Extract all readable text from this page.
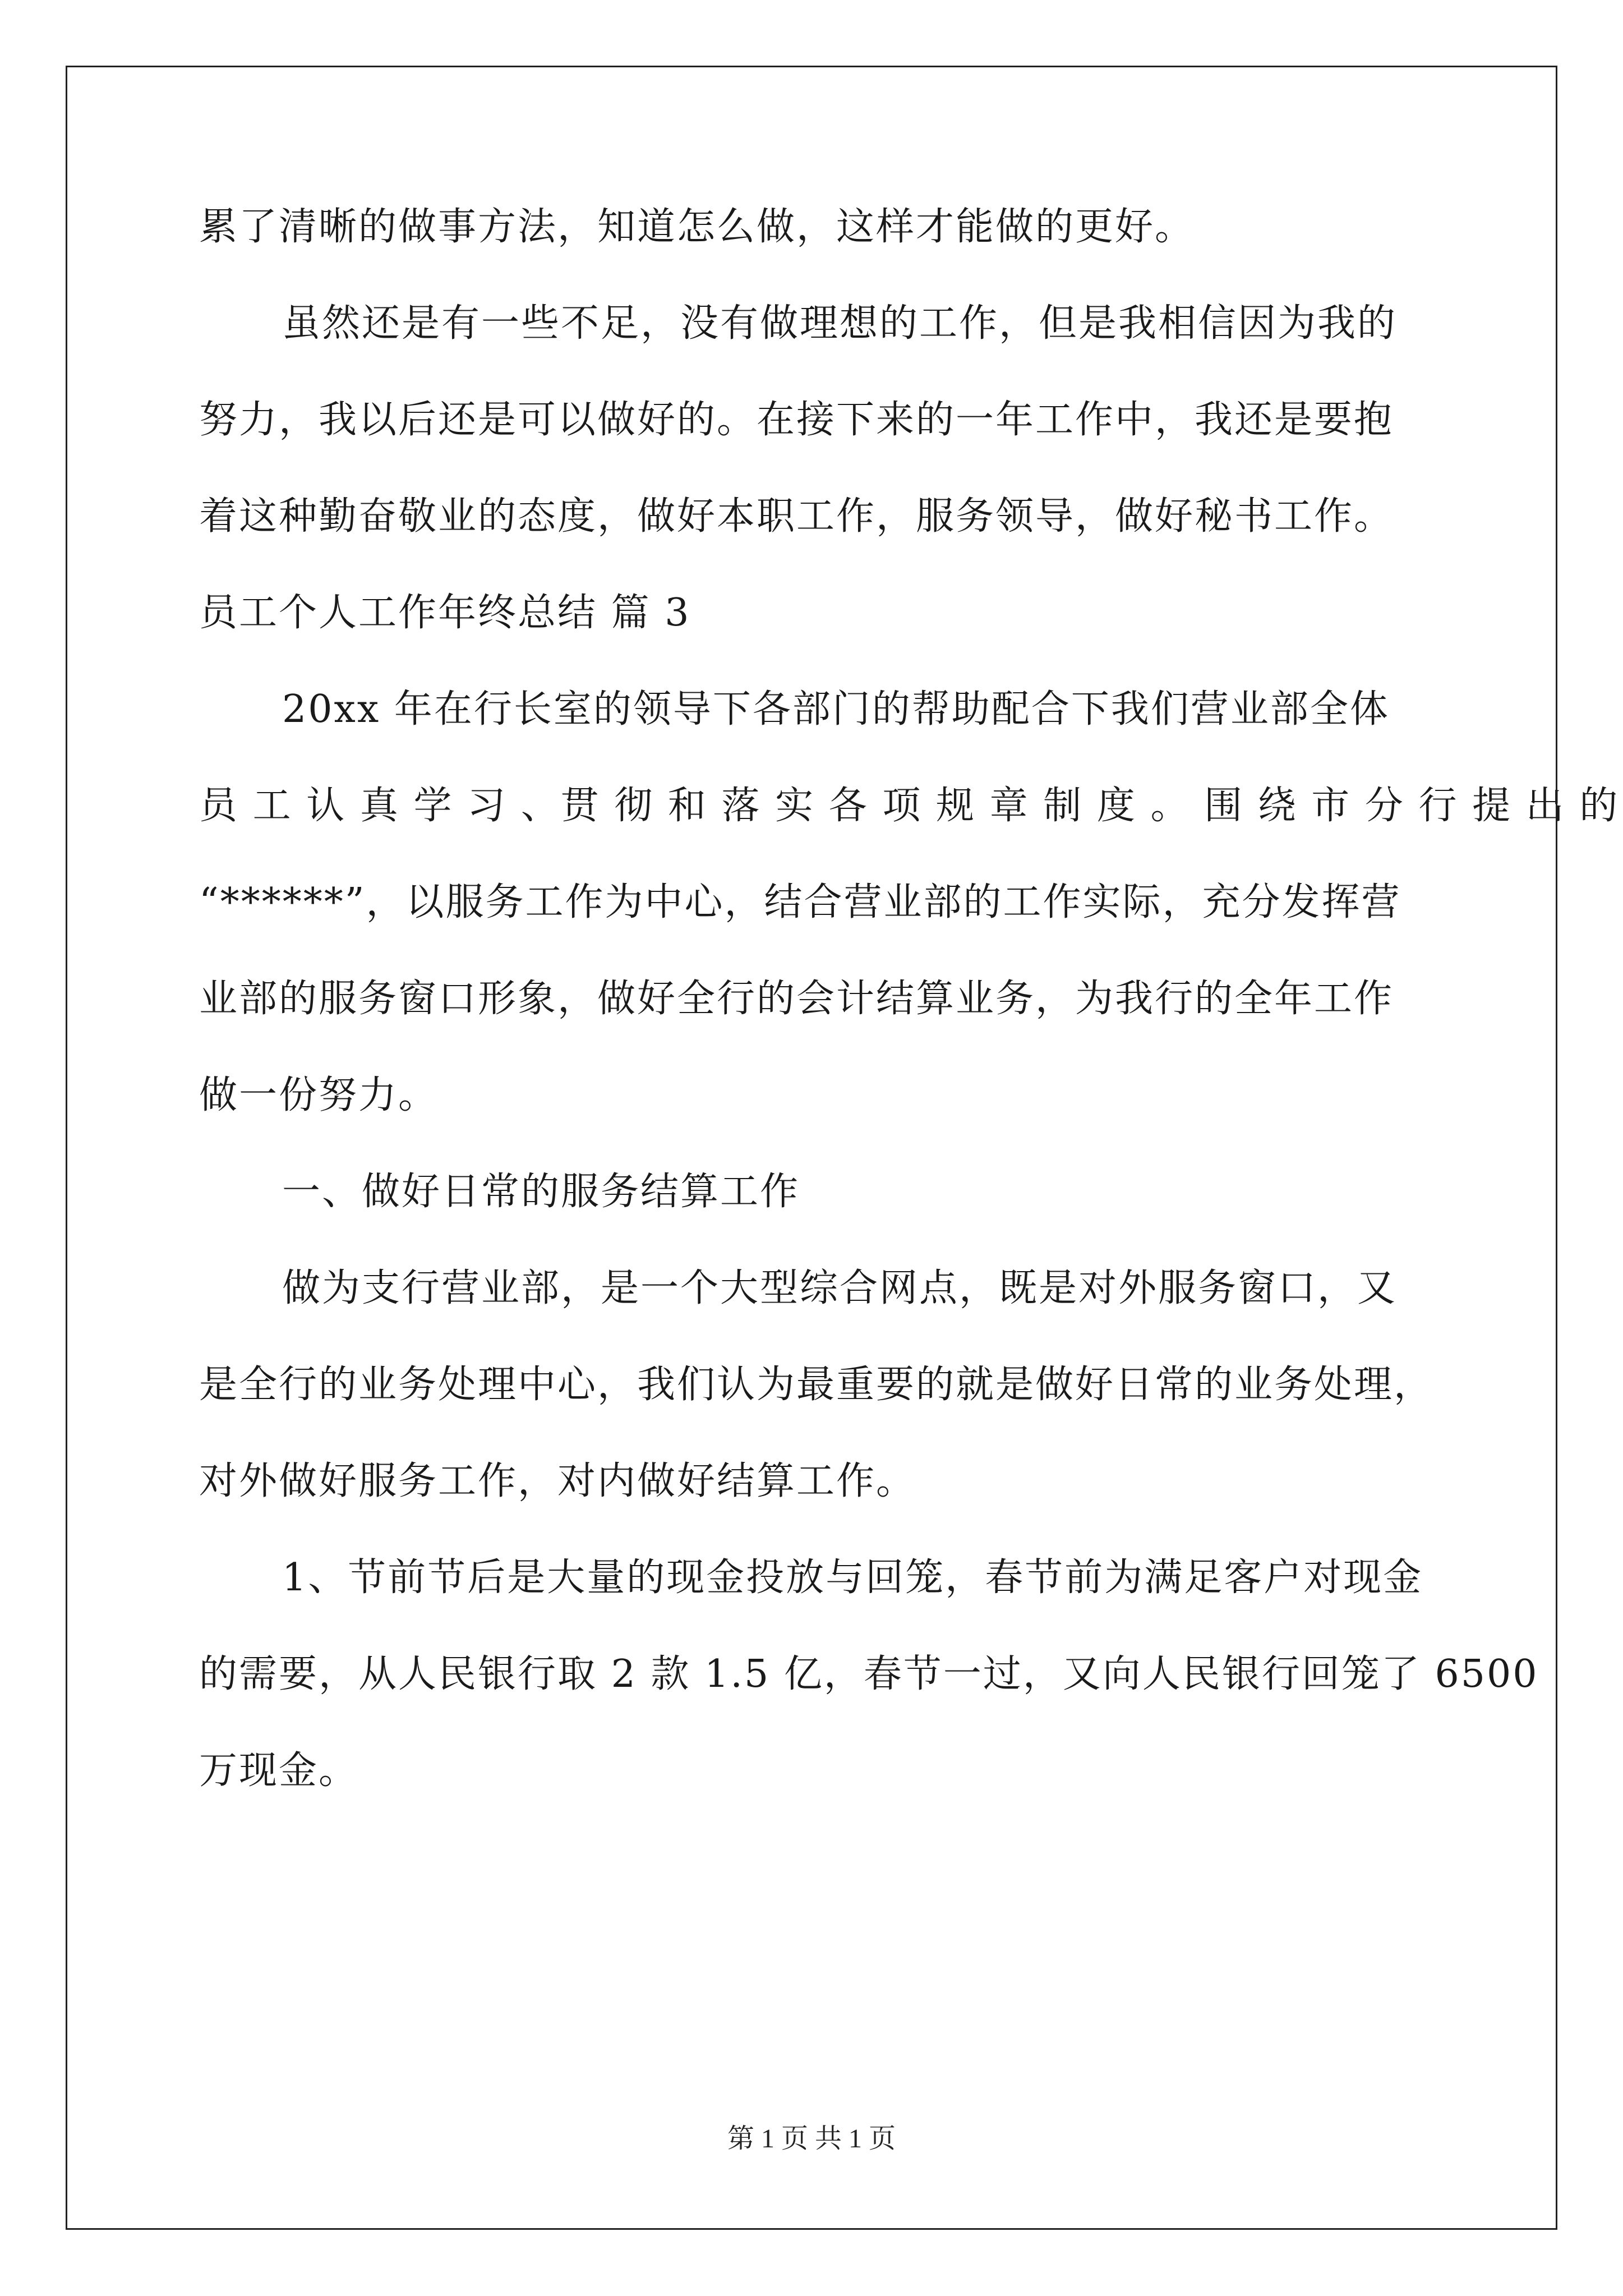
累了清晰的做事方法，知道怎么做，这样才能做的更好。
虽然还是有一些不足，没有做理想的工作，但是我相信因为我的
努力，我以后还是可以做好的。在接下来的一年工作中，我还是要抱
着这种勤奋敬业的态度，做好本职工作，服务领导，做好秘书工作。
员工个人工作年终总结 篇 3
20xx 年在行长室的领导下各部门的帮助配合下我们营业部全体
员 工 认 真 学 习 、贯 彻 和 落 实 各 项 规 章 制 度 。 围 绕 市 分 行 提 出 的
“******”，以服务工作为中心，结合营业部的工作实际，充分发挥营
业部的服务窗口形象，做好全行的会计结算业务，为我行的全年工作
做一份努力。
一、做好日常的服务结算工作
做为支行营业部，是一个大型综合网点，既是对外服务窗口，又
是全行的业务处理中心，我们认为最重要的就是做好日常的业务处理，
对外做好服务工作，对内做好结算工作。
1、节前节后是大量的现金投放与回笼，春节前为满足客户对现金
的需要，从人民银行取 2 款 1.5 亿，春节一过，又向人民银行回笼了 6500
万现金。
第 1 页 共 1 页
